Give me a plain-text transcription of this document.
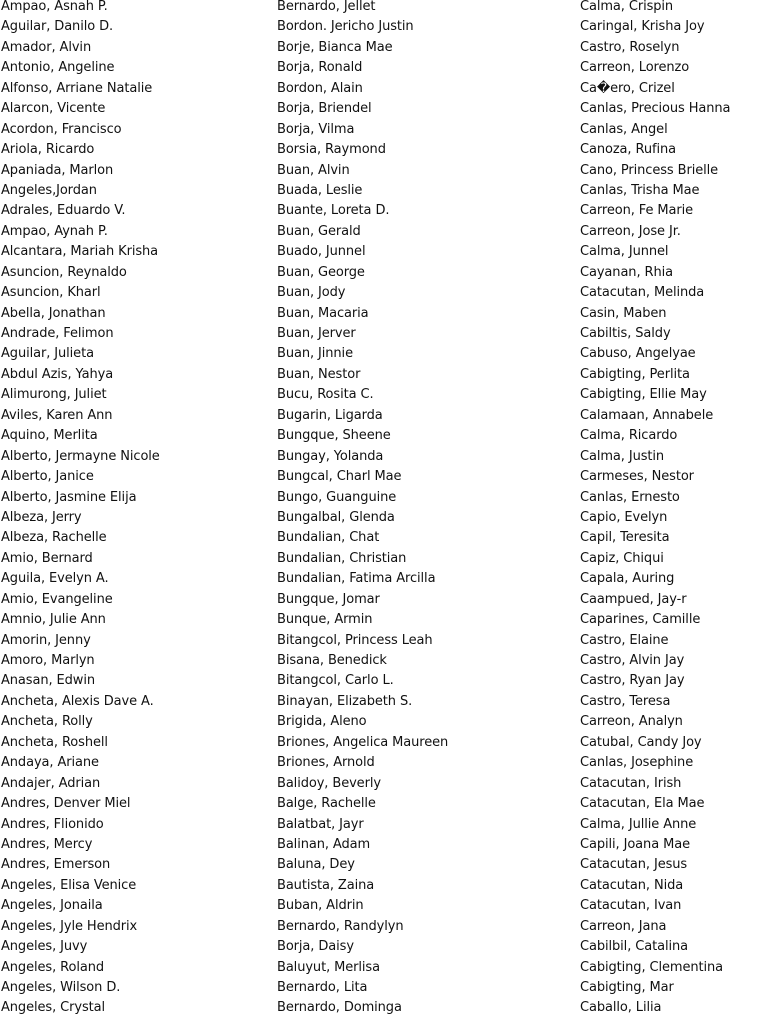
Ampao, Asnah P.
Aguilar, Danilo D.
Amador, Alvin
Antonio, Angeline
Alfonso, Arriane Natalie
Alarcon, Vicente
Acordon, Francisco
Ariola, Ricardo
Apaniada, Marlon
Angeles,Jordan
Adrales, Eduardo V.
Ampao, Aynah P.
Alcantara, Mariah Krisha
Asuncion, Reynaldo
Asuncion, Kharl
Abella, Jonathan
Andrade, Felimon
Aguilar, Julieta
Abdul Azis, Yahya
Alimurong, Juliet
Aviles, Karen Ann
Aquino, Merlita
Alberto, Jermayne Nicole
Alberto, Janice
Alberto, Jasmine Elija
Albeza, Jerry
Albeza, Rachelle
Amio, Bernard
Aguila, Evelyn A.
Amio, Evangeline
Amnio, Julie Ann
Amorin, Jenny
Amoro, Marlyn
Anasan, Edwin
Ancheta, Alexis Dave A.
Ancheta, Rolly
Ancheta, Roshell
Andaya, Ariane
Andajer, Adrian
Andres, Denver Miel
Andres, Flionido
Andres, Mercy
Andres, Emerson
Angeles, Elisa Venice
Angeles, Jonaila
Angeles, Jyle Hendrix
Angeles, Juvy
Angeles, Roland
Angeles, Wilson D.
Angeles, Crystal
Bernardo, Jellet
Bordon. Jericho Justin
Borje, Bianca Mae
Borja, Ronald
Bordon, Alain
Borja, Briendel
Borja, Vilma
Borsia, Raymond
Buan, Alvin
Buada, Leslie
Buante, Loreta D.
Buan, Gerald
Buado, Junnel
Buan, George
Buan, Jody
Buan, Macaria
Buan, Jerver
Buan, Jinnie
Buan, Nestor
Bucu, Rosita C.
Bugarin, Ligarda
Bungque, Sheene
Bungay, Yolanda
Bungcal, Charl Mae
Bungo, Guanguine
Bungalbal, Glenda
Bundalian, Chat
Bundalian, Christian
Bundalian, Fatima Arcilla
Bungque, Jomar
Bunque, Armin
Bitangcol, Princess Leah
Bisana, Benedick
Bitangcol, Carlo L.
Binayan, Elizabeth S.
Brigida, Aleno
Briones, Angelica Maureen
Briones, Arnold
Balidoy, Beverly
Balge, Rachelle
Balatbat, Jayr
Balinan, Adam
Baluna, Dey
Bautista, Zaina
Buban, Aldrin
Bernardo, Randylyn
Borja, Daisy
Baluyut, Merlisa
Bernardo, Lita
Bernardo, Dominga
Calma, Crispin
Caringal, Krisha Joy
Castro, Roselyn
Carreon, Lorenzo
Ca�ero, Crizel
Canlas, Precious Hanna
Canlas, Angel
Canoza, Rufina
Cano, Princess Brielle
Canlas, Trisha Mae
Carreon, Fe Marie
Carreon, Jose Jr.
Calma, Junnel
Cayanan, Rhia
Catacutan, Melinda
Casin, Maben
Cabiltis, Saldy
Cabuso, Angelyae
Cabigting, Perlita
Cabigting, Ellie May
Calamaan, Annabele
Calma, Ricardo
Calma, Justin
Carmeses, Nestor
Canlas, Ernesto
Capio, Evelyn
Capil, Teresita
Capiz, Chiqui
Capala, Auring
Caampued, Jay-r
Caparines, Camille
Castro, Elaine
Castro, Alvin Jay
Castro, Ryan Jay
Castro, Teresa
Carreon, Analyn
Catubal, Candy Joy
Canlas, Josephine
Catacutan, Irish
Catacutan, Ela Mae
Calma, Jullie Anne
Capili, Joana Mae
Catacutan, Jesus
Catacutan, Nida
Catacutan, Ivan
Carreon, Jana
Cabilbil, Catalina
Cabigting, Clementina
Cabigting, Mar
Caballo, Lilia
